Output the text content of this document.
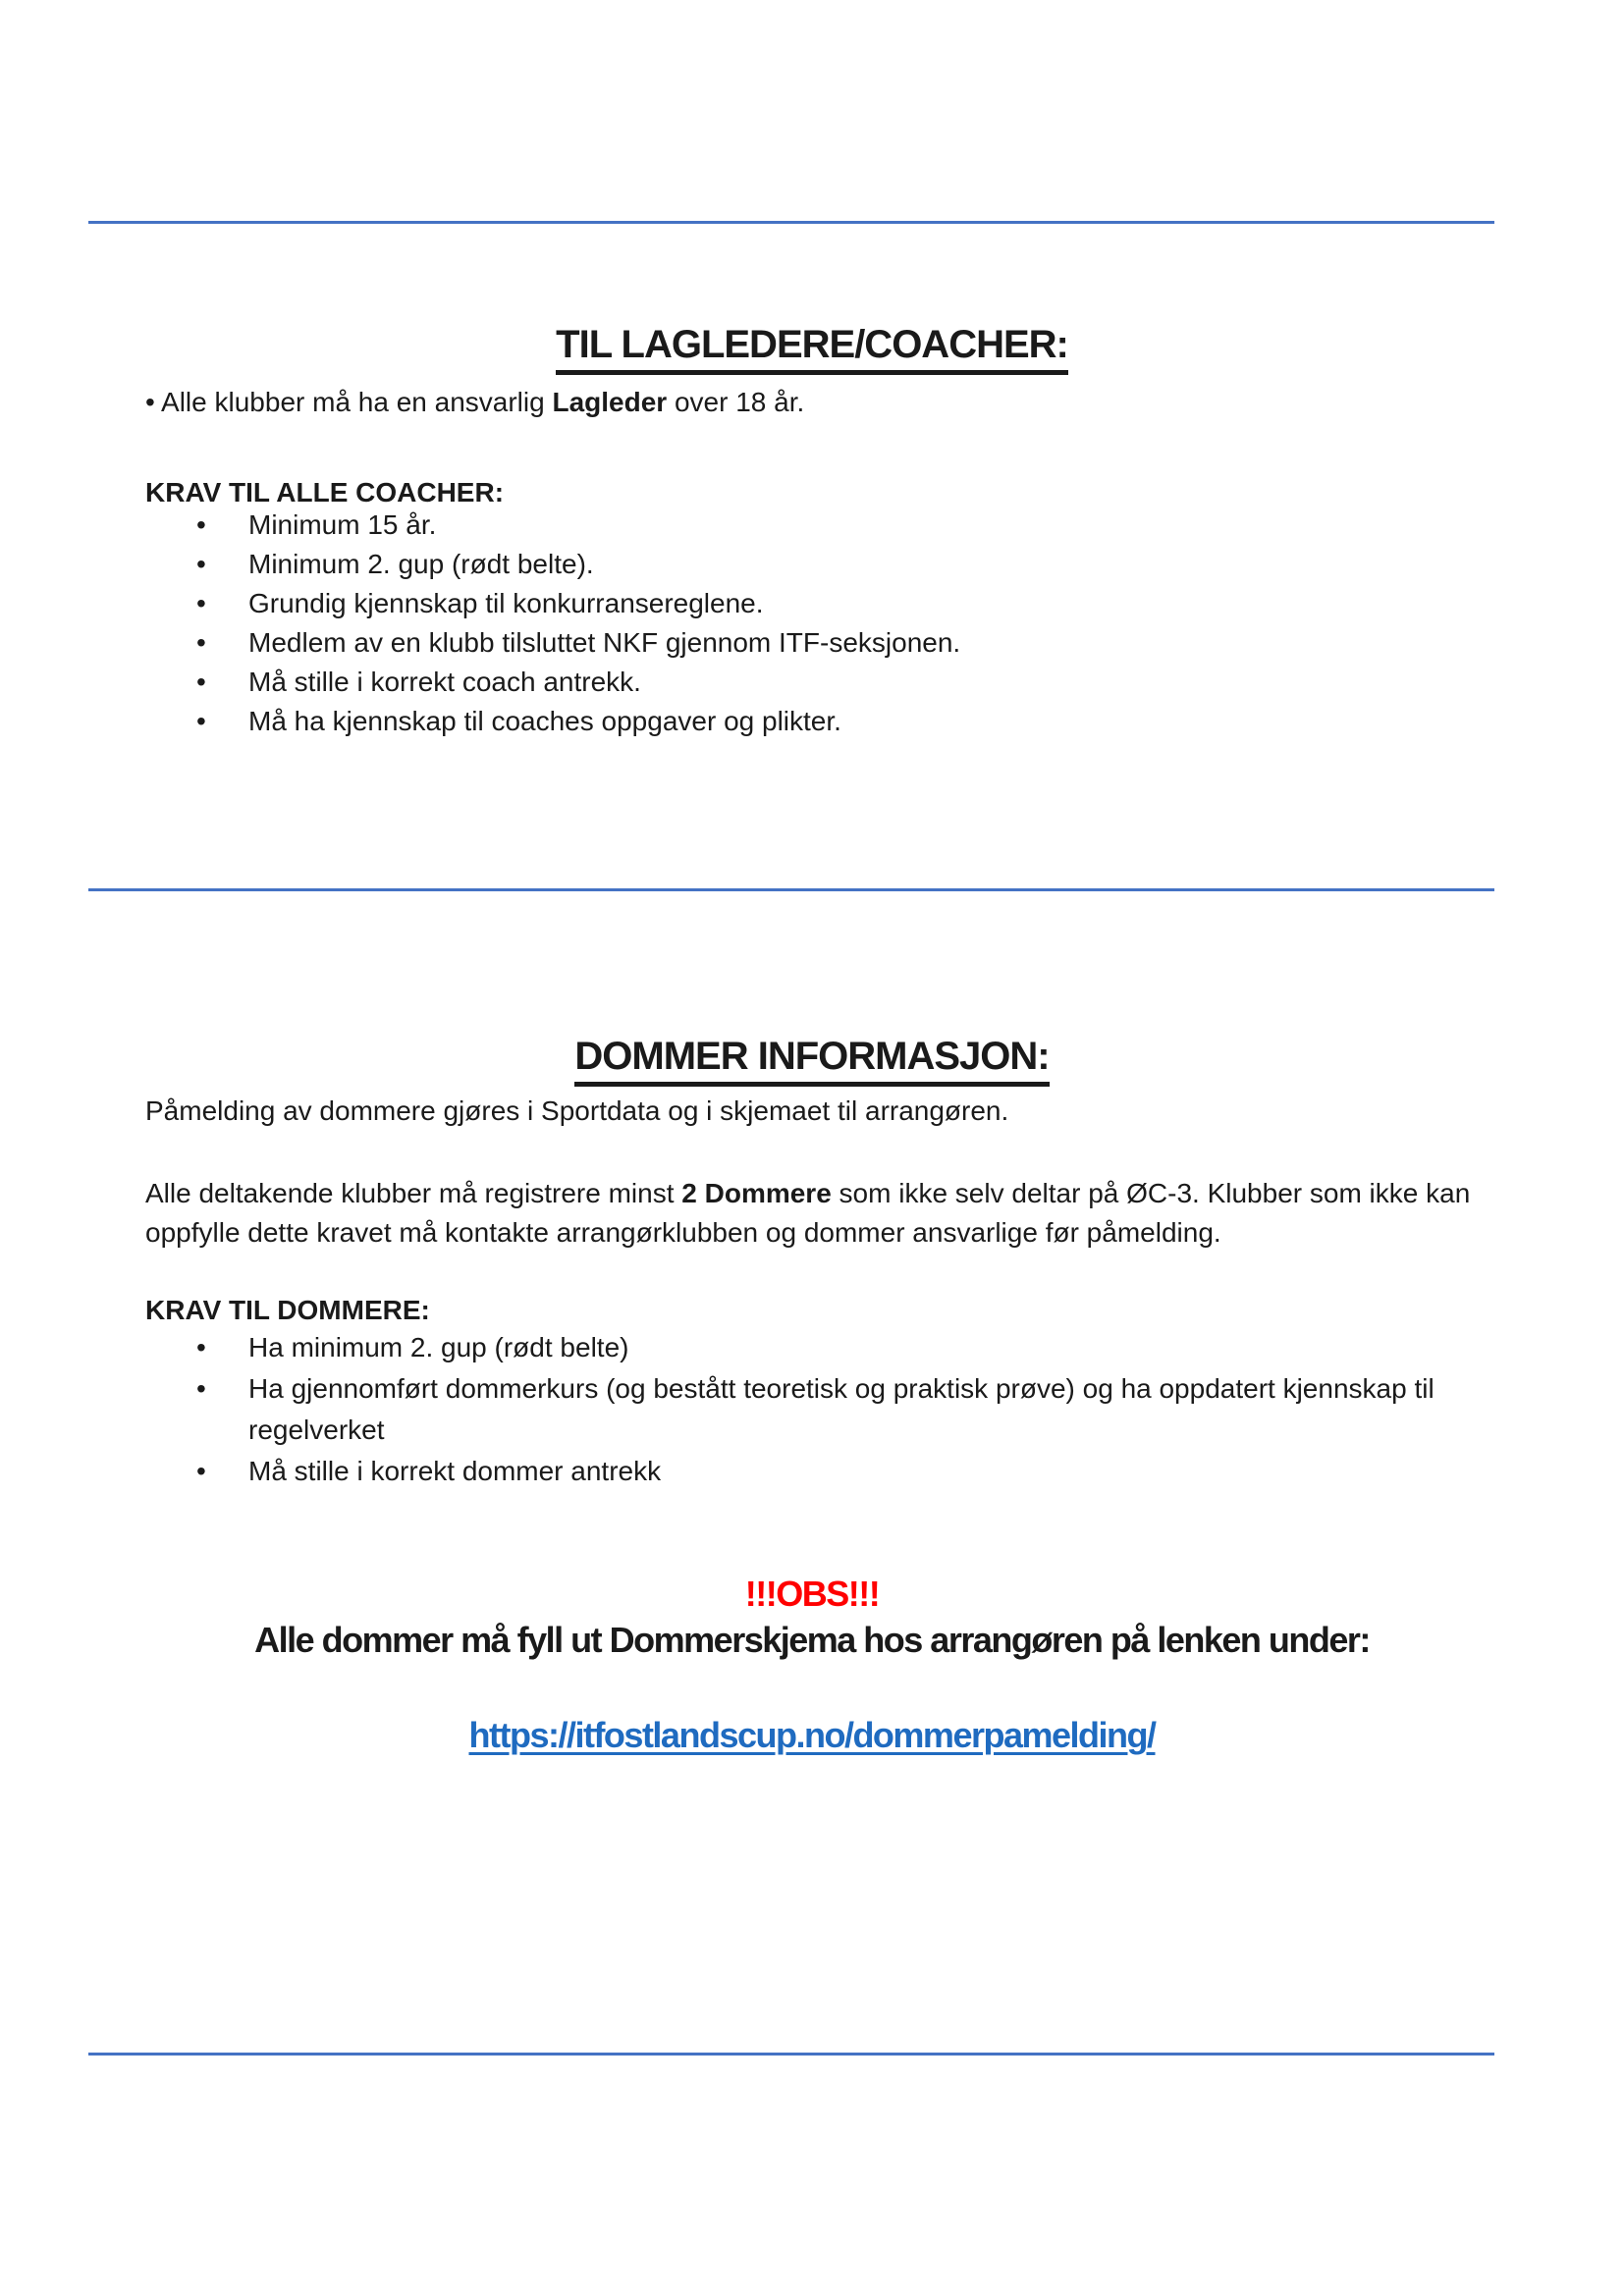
TIL LAGLEDERE/COACHER:

• Alle klubber må ha en ansvarlig Lagleder over 18 år.

KRAV TIL ALLE COACHER:

• Minimum 15 år.
• Minimum 2. gup (rødt belte).
• Grundig kjennskap til konkurransereglene.
• Medlem av en klubb tilsluttet NKF gjennom ITF-seksjonen.
• Må stille i korrekt coach antrekk.
• Må ha kjennskap til coaches oppgaver og plikter.
DOMMER INFORMASJON:

Påmelding av dommere gjøres i Sportdata og i skjemaet til arrangøren.

Alle deltakende klubber må registrere minst 2 Dommere som ikke selv deltar på ØC-3. Klubber som ikke kan oppfylle dette kravet må kontakte arrangørklubben og dommer ansvarlige før påmelding.

KRAV TIL DOMMERE:

• Ha minimum 2. gup (rødt belte)
• Ha gjennomført dommerkurs (og bestått teoretisk og praktisk prøve) og ha oppdatert kjennskap til regelverket
• Må stille i korrekt dommer antrekk
!!!OBS!!!
Alle dommer må fyll ut Dommerskjema hos arrangøren på lenken under:
https://itfostlandscup.no/dommerpamelding/
